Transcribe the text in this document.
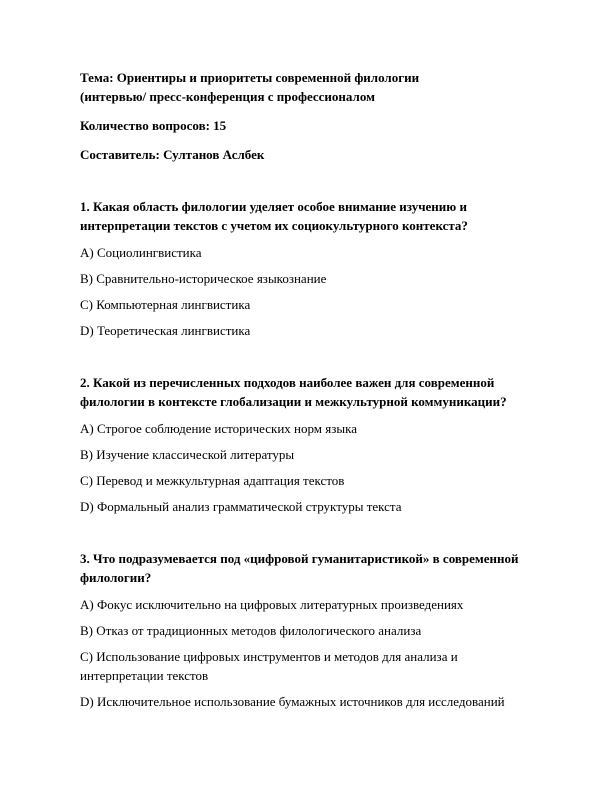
Тема: Ориентиры и приоритеты современной филологии
(интервью/ пресс-конференция с профессионалом

Количество вопросов: 15

Составитель: Султанов Аслбек

1. Какая область филологии уделяет особое внимание изучению и интерпретации текстов с учетом их социокультурного контекста?

A) Социолингвистика

B) Сравнительно-историческое языкознание

C) Компьютерная лингвистика

D) Теоретическая лингвистика

2. Какой из перечисленных подходов наиболее важен для современной филологии в контексте глобализации и межкультурной коммуникации?

A) Строгое соблюдение исторических норм языка

B) Изучение классической литературы

C) Перевод и межкультурная адаптация текстов

D) Формальный анализ грамматической структуры текста

3. Что подразумевается под «цифровой гуманитаристикой» в современной филологии?

A) Фокус исключительно на цифровых литературных произведениях

B) Отказ от традиционных методов филологического анализа

C) Использование цифровых инструментов и методов для анализа и интерпретации текстов

D) Исключительное использование бумажных источников для исследований
